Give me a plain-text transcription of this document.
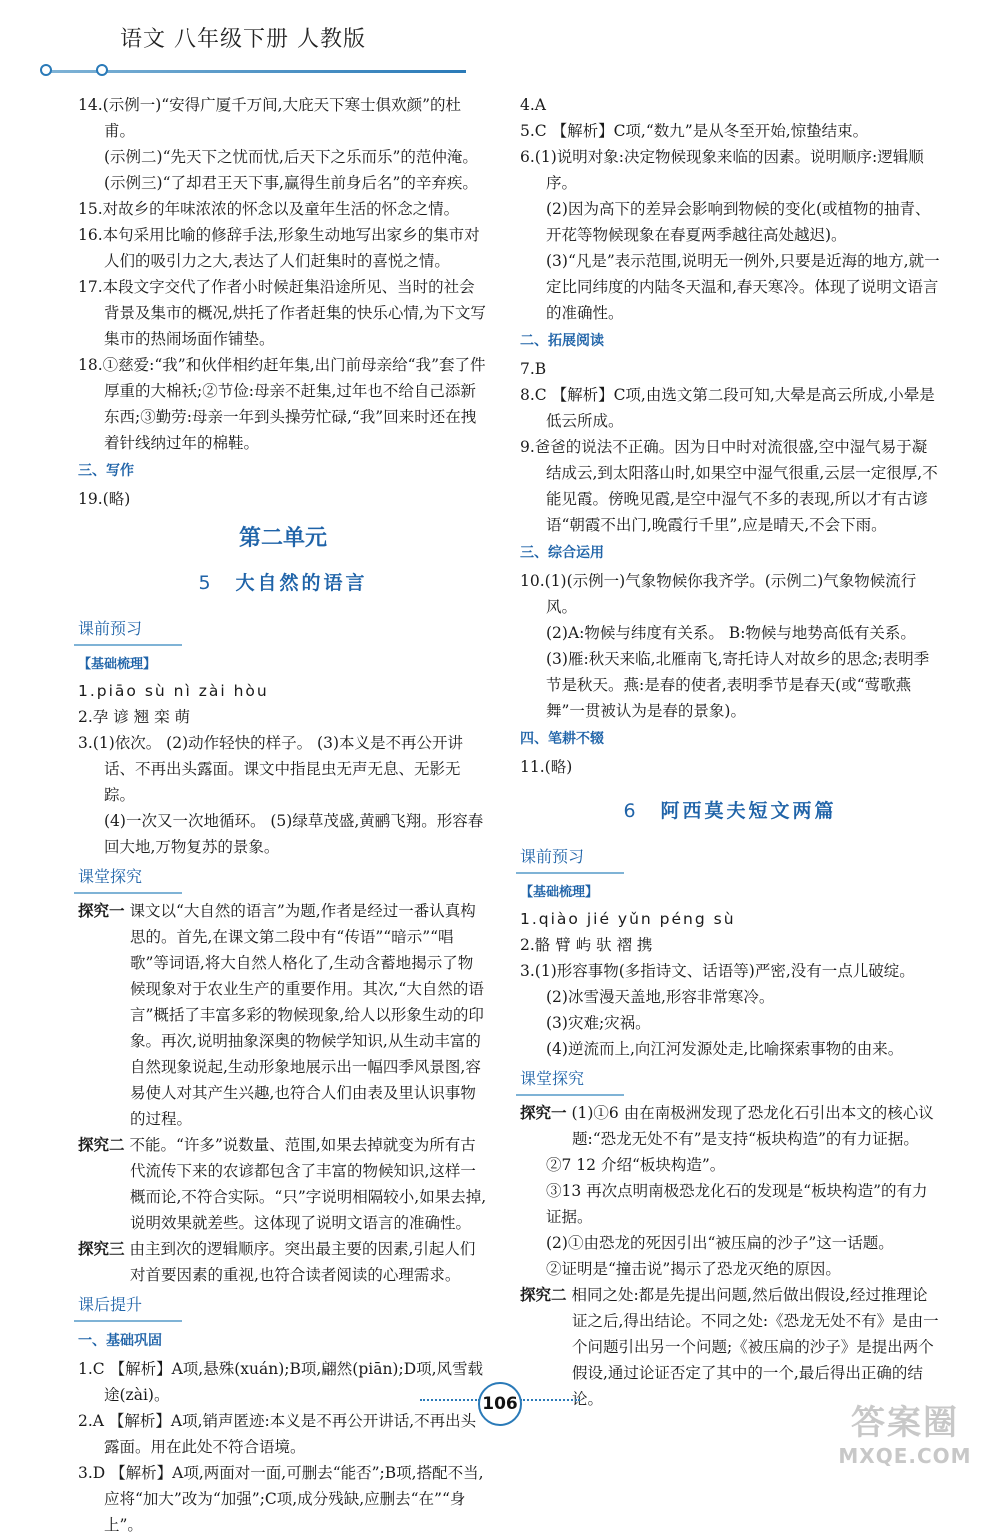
语文 八年级下册 人教版

14.(示例一)“安得广厦千万间,大庇天下寒士俱欢颜”的杜甫。

(示例二)“先天下之忧而忧,后天下之乐而乐”的范仲淹。

(示例三)“了却君王天下事,赢得生前身后名”的辛弃疾。

15.对故乡的年味浓浓的怀念以及童年生活的怀念之情。

16.本句采用比喻的修辞手法,形象生动地写出家乡的集市对人们的吸引力之大,表达了人们赶集时的喜悦之情。

17.本段文字交代了作者小时候赶集沿途所见、当时的社会背景及集市的概况,烘托了作者赶集的快乐心情,为下文写集市的热闹场面作铺垫。

18.①慈爱:“我”和伙伴相约赶年集,出门前母亲给“我”套了件厚重的大棉袄;②节俭:母亲不赶集,过年也不给自己添新东西;③勤劳:母亲一年到头操劳忙碌,“我”回来时还在拽着针线纳过年的棉鞋。

三、写作

19.(略)

第二单元
5 大自然的语言
课前预习
【基础梳理】

1.piāo sù nì zài hòu

2.孕 谚 翘 栾 萌

3.(1)依次。 (2)动作轻快的样子。 (3)本义是不再公开讲话、不再出头露面。课文中指昆虫无声无息、无影无踪。

(4)一次又一次地循环。 (5)绿草茂盛,黄鹂飞翔。形容春回大地,万物复苏的景象。

课堂探究

探究一 课文以“大自然的语言”为题,作者是经过一番认真构思的。首先,在课文第二段中有“传语”“暗示”“唱歌”等词语,将大自然人格化了,生动含蓄地揭示了物候现象对于农业生产的重要作用。其次,“大自然的语言”概括了丰富多彩的物候现象,给人以形象生动的印象。再次,说明抽象深奥的物候学知识,从生动丰富的自然现象说起,生动形象地展示出一幅四季风景图,容易使人对其产生兴趣,也符合人们由表及里认识事物的过程。

探究二 不能。“许多”说数量、范围,如果去掉就变为所有古代流传下来的农谚都包含了丰富的物候知识,这样一概而论,不符合实际。“只”字说明相隔较小,如果去掉,说明效果就差些。这体现了说明文语言的准确性。

探究三 由主到次的逻辑顺序。突出最主要的因素,引起人们对首要因素的重视,也符合读者阅读的心理需求。

课后提升
一、基础巩固

1.C 【解析】A项,悬殊(xuán);B项,翩然(piān);D项,风雪载途(zài)。

2.A 【解析】A项,销声匿迹:本义是不再公开讲话,不再出头露面。用在此处不符合语境。

3.D 【解析】A项,两面对一面,可删去“能否”;B项,搭配不当,应将“加大”改为“加强”;C项,成分残缺,应删去“在”“身上”。

4.A

5.C 【解析】C项,“数九”是从冬至开始,惊蛰结束。

6.(1)说明对象:决定物候现象来临的因素。说明顺序:逻辑顺序。

(2)因为高下的差异会影响到物候的变化(或植物的抽青、开花等物候现象在春夏两季越往高处越迟)。

(3)“凡是”表示范围,说明无一例外,只要是近海的地方,就一定比同纬度的内陆冬天温和,春天寒冷。体现了说明文语言的准确性。

二、拓展阅读

7.B

8.C 【解析】C项,由选文第二段可知,大晕是高云所成,小晕是低云所成。

9.爸爸的说法不正确。因为日中时对流很盛,空中湿气易于凝结成云,到太阳落山时,如果空中湿气很重,云层一定很厚,不能见霞。傍晚见霞,是空中湿气不多的表现,所以才有古谚语“朝霞不出门,晚霞行千里”,应是晴天,不会下雨。

三、综合运用

10.(1)(示例一)气象物候你我齐学。(示例二)气象物候流行风。

(2)A:物候与纬度有关系。 B:物候与地势高低有关系。

(3)雁:秋天来临,北雁南飞,寄托诗人对故乡的思念;表明季节是秋天。燕:是春的使者,表明季节是春天(或“莺歌燕舞”一贯被认为是春的景象)。

四、笔耕不辍

11.(略)

6 阿西莫夫短文两篇
课前预习
【基础梳理】

1.qiào jié yǔn péng sù

2.骼 臂 屿 驮 褶 携

3.(1)形容事物(多指诗文、话语等)严密,没有一点儿破绽。

(2)冰雪漫天盖地,形容非常寒冷。

(3)灾难;灾祸。

(4)逆流而上,向江河发源处走,比喻探索事物的由来。

课堂探究

探究一 (1)①6 由在南极洲发现了恐龙化石引出本文的核心议题:“恐龙无处不有”是支持“板块构造”的有力证据。

②7 12 介绍“板块构造”。

③13 再次点明南极恐龙化石的发现是“板块构造”的有力证据。

(2)①由恐龙的死因引出“被压扁的沙子”这一话题。

②证明是“撞击说”揭示了恐龙灭绝的原因。

探究二 相同之处:都是先提出问题,然后做出假设,经过推理论证之后,得出结论。不同之处:《恐龙无处不有》是由一个问题引出另一个问题;《被压扁的沙子》是提出两个假设,通过论证否定了其中的一个,最后得出正确的结论。

106	答案圈
MXQE.COM
